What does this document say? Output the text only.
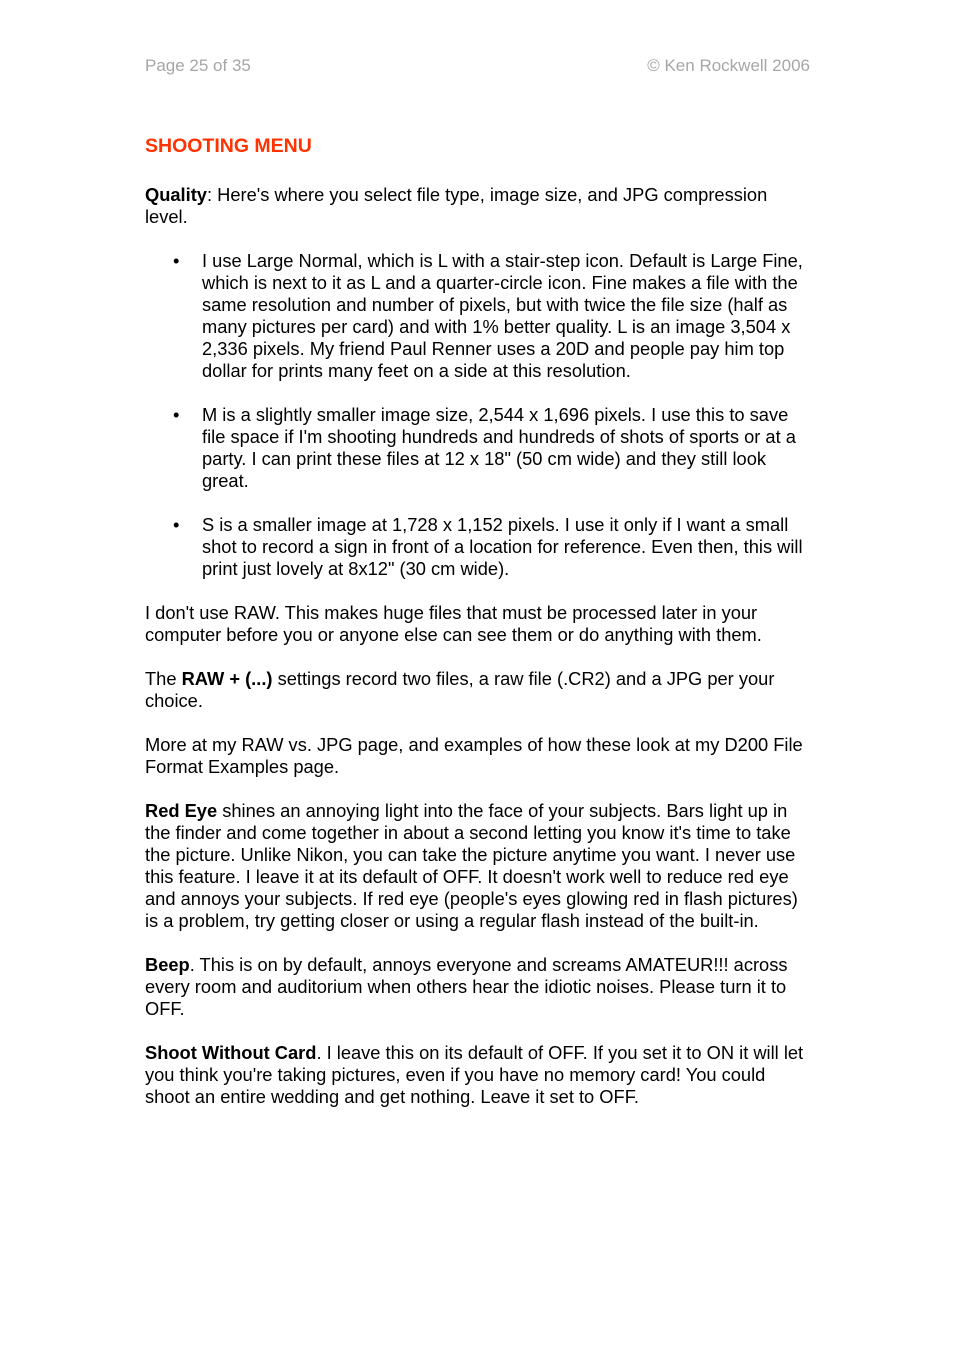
Page 25 of 35	© Ken Rockwell 2006
SHOOTING MENU

Quality: Here's where you select file type, image size, and JPG compression level.

• I use Large Normal, which is L with a stair-step icon. Default is Large Fine, which is next to it as L and a quarter-circle icon. Fine makes a file with the same resolution and number of pixels, but with twice the file size (half as many pictures per card) and with 1% better quality. L is an image 3,504 x 2,336 pixels. My friend Paul Renner uses a 20D and people pay him top dollar for prints many feet on a side at this resolution.
• M is a slightly smaller image size, 2,544 x 1,696 pixels. I use this to save file space if I'm shooting hundreds and hundreds of shots of sports or at a party. I can print these files at 12 x 18" (50 cm wide) and they still look great.
• S is a smaller image at 1,728 x 1,152 pixels. I use it only if I want a small shot to record a sign in front of a location for reference. Even then, this will print just lovely at 8x12" (30 cm wide).

I don't use RAW. This makes huge files that must be processed later in your computer before you or anyone else can see them or do anything with them.

The RAW + (...) settings record two files, a raw file (.CR2) and a JPG per your choice.

More at my RAW vs. JPG page, and examples of how these look at my D200 File Format Examples page.

Red Eye shines an annoying light into the face of your subjects. Bars light up in the finder and come together in about a second letting you know it's time to take the picture. Unlike Nikon, you can take the picture anytime you want. I never use this feature. I leave it at its default of OFF. It doesn't work well to reduce red eye and annoys your subjects. If red eye (people's eyes glowing red in flash pictures) is a problem, try getting closer or using a regular flash instead of the built-in.

Beep. This is on by default, annoys everyone and screams AMATEUR!!! across every room and auditorium when others hear the idiotic noises. Please turn it to OFF.

Shoot Without Card. I leave this on its default of OFF. If you set it to ON it will let you think you're taking pictures, even if you have no memory card! You could shoot an entire wedding and get nothing. Leave it set to OFF.
